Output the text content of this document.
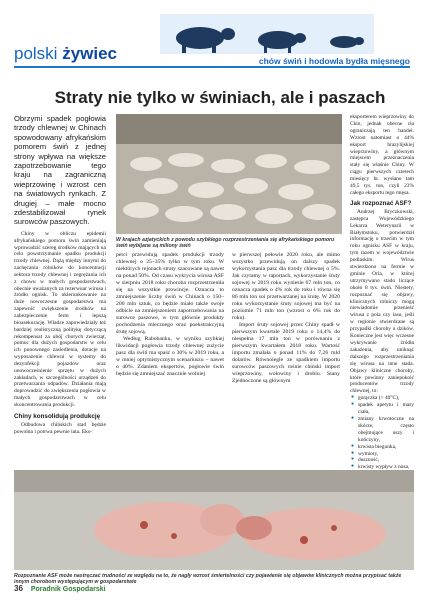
polski żywiec	chów świń i hodowla bydła mięsnego
Straty nie tylko w świniach, ale i paszach

Obrzymi spadek pogłowia trzody chlewnej w Chinach spowodowany afrykańskim pomorem świń z jednej strony wpływa na większe zapotrzebowanie tego kraju na zagraniczną wieprzowinę i wzrost cen na światowych rynkach. Z drugiej – małe mocno zdestabilizował rynek surowców paszowych.

Chiny w obliczu epidemii afrykańskiego pomoru świń zamieniają wprowadzić szereg środków mających na celu powstrzymanie spadku produkcji trzody chlewnej. Dążą między innymi do zachęcania rolników do koncentracji sektora trzody chlewnej i zegrężania ich z chowu w małych gospodarstwach, obecnie uważanych za rezerwuar wirusa i źródło ognisk. To ukierunkowanie na duże nowoczesne gospodarstwa ma zapewnić zwiększenie środków na zabezpieczenie ferm i lepszą bioasekurację. Władze zapowiedziały też bardziej realistyczną politykę dotyczącą rekompensat za ubój chorych zwierząt, pomoc dla dużych gospodarstw w celu ich ponownego zasiedlenia, dotacje na wyposażenie chlewni w systemy do dezynfekcji pojazdów oraz unowocześnienie sprzętu w dużych zakładach, w szczególności urządzeń do przetwarzania odpadów. Działania mają doprowadzić do zwiększenia pogłowia w małych gospodarstwach w celu skoncentrowania produkcji.

Chiny konsolidują produkcję

Odbudowa chińskich stad będzie powolna i potrwa pewnie lata. Eks-

W krajach azjatyckich z powodu szybkiego rozprzestrzeniania się afrykańskiego pomoru świń wybijane są miliony świń

perci przewidują spadek produkcji trzody chlewnej o 25–35% tylko w tym roku. W niektórych rejonach straty szacowane są nawet na ponad 50%. Od czasu wykrycia wirusa ASF w sierpniu 2018 roku choroba rozprzestrzeniła się na wszystkie prowincje. Oznacza to zmniejszenie liczby świń w Chinach o 150–200 mln sztuk, co będzie miało także swoje odbicie na zmniejszeniem zapotrzebowania na surowce paszowe, w tym głównie produkty pochodzenia mlecznego oraz poekstrakcyjną śrutę sojową.

Według Rabobanku, w wyniku szybkiej likwidacji pogłowia trzody chlewnej zużycie pasz dla świń ma spaść o 30% w 2019 roku, a w mniej optymistycznym scenariuszu – nawet o 40%. Zdaniem ekspertów, pogłowie świń będzie się zmniejszać znacznie wolniej

w pierwszej połowie 2020 roku, ale mimo wszystko przewidują on dalszy spadek wykorzystania pasz dla trzody chlewnej o 5%. Jak czytamy w raportach, wykorzystanie śruty sojowej w 2019 roku wyniesie 67 mln ton, co oznacza spadek o 4% rok do roku i równa się 86 mln ton soi przetwarzanej na śrutę. W 2020 roku wykorzystanie śruty sojowej ma być na poziomie 71 mln ton (wzrost o 6% rok do roku).

Import śruty sojowej przez Chiny spadł w pierwszym kwartale 2019 roku o 14,4% do niespełna 17 mln ton w porównaniu z pierwszym kwartałem 2018 roku. Wartość importu zmalała o ponad 11% do 7,26 mld dolarów. Równolegle ze spadkiem importu surowców paszowych rośnie chiński import wieprzowiny, wołowiny i drobiu. Stany Zjednoczone są głównym

eksporterem wieprzowiny do Chin, jednak obecne cła ograniczają ten handel. Wzrost natomiast o 44% eksport brazylijskiej wieprzowiny, a głównym miejscem przeznaczenia stały się właśnie Chiny. W ciągu pierwszych czterech miesięcy br. wysłano tam 49,5 tys. ton, czyli 23% całego eksportu tego mięsa.

Jak rozpoznać ASF?

Andrzej Bryczkowski, zastępca Wojewódzkiego Lekarza Weterynarii w Białymstoku, potwierdził informację o trzecim w tym roku ognisku ASF w kraju, tym razem w województwie podlaskim. Wirus stwierdzono na fermie w gminie Orla, w której utrzymywano stado liczące około 8 tys. świń. Niestety, rozpoznać się objawy, klinicznych rolniczy mogą niewiadomie przenieść wirusa z pola czy lasu, jeśli w regionie stwierdzane są przypadki choroby u dzików. Konieczne jest więc wczesne wykrywanie źródła zakażenia, aby uniknąć dalszego rozprzestrzeniania się wirusa na inne stada. Objawy kliniczne choroby, które powinny zaniepokoić producentów trzody chlewnej, to:

● gorączka (> 40°C),
● spadek apetytu i masy ciała,
● zmiany krwotoczne na skórze, często obejmujące uszy i kończyny,
● krwista biegunka,
● wymioty,
● duszność,
● krwisty wypływ z nosa,
●
●

Rozpoznanie ASF może nastręczać trudności ze względu na to, że nagły wzrost śmiertelności czy pojawienie się objawów klinicznych można przypisać także innym chorobom występującym w gospodarstwie
36 Poradnik Gospodarski
